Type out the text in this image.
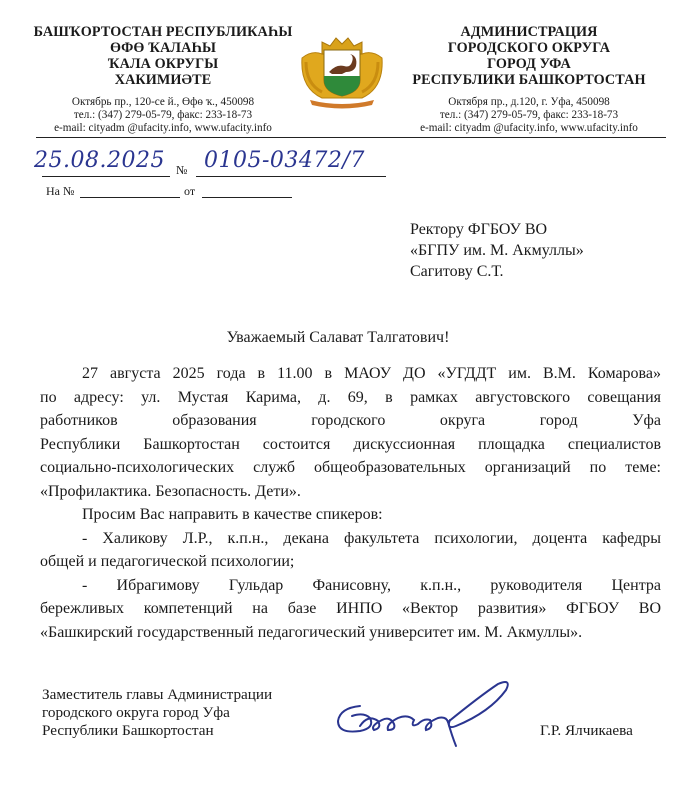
БАШҠОРТОСТАН РЕСПУБЛИКАҺЫ
ӨФӨ ҠАЛАҺЫ
ҠАЛА ОКРУГЫ
ХАКИМИӘТЕ
Октябрь пр., 120-се й., Өфө ҡ., 450098
тел.: (347) 279-05-79, факс: 233-18-73
e-mail: cityadm @ufacity.info, www.ufacity.info
АДМИНИСТРАЦИЯ
ГОРОДСКОГО ОКРУГА
ГОРОД УФА
РЕСПУБЛИКИ БАШКОРТОСТАН
Октября пр., д.120, г. Уфа, 450098
тел.: (347) 279-05-79, факс: 233-18-73
e-mail: cityadm @ufacity.info, www.ufacity.info
25.08.2025 № 0105-03472/7
На №	от
Ректору ФГБОУ ВО
«БГПУ им. М. Акмуллы»
Сагитову С.Т.
Уважаемый Салават Талгатович!
27 августа 2025 года в 11.00 в МАОУ ДО «УГДДТ им. В.М. Комарова»
по адресу: ул. Мустая Карима, д. 69, в рамках августовского совещания
работников образования городского округа город Уфа
Республики Башкортостан состоится дискуссионная площадка специалистов
социально-психологических служб общеобразовательных организаций по теме:
«Профилактика. Безопасность. Дети».
Просим Вас направить в качестве спикеров:
- Халикову Л.Р., к.п.н., декана факультета психологии, доцента кафедры
общей и педагогической психологии;
- Ибрагимову Гульдар Фанисовну, к.п.н., руководителя Центра
бережливых компетенций на базе ИНПО «Вектор развития» ФГБОУ ВО
«Башкирский государственный педагогический университет им. М. Акмуллы».
Заместитель главы Администрации
городского округа город Уфа
Республики Башкортостан	Г.Р. Ялчикаева
